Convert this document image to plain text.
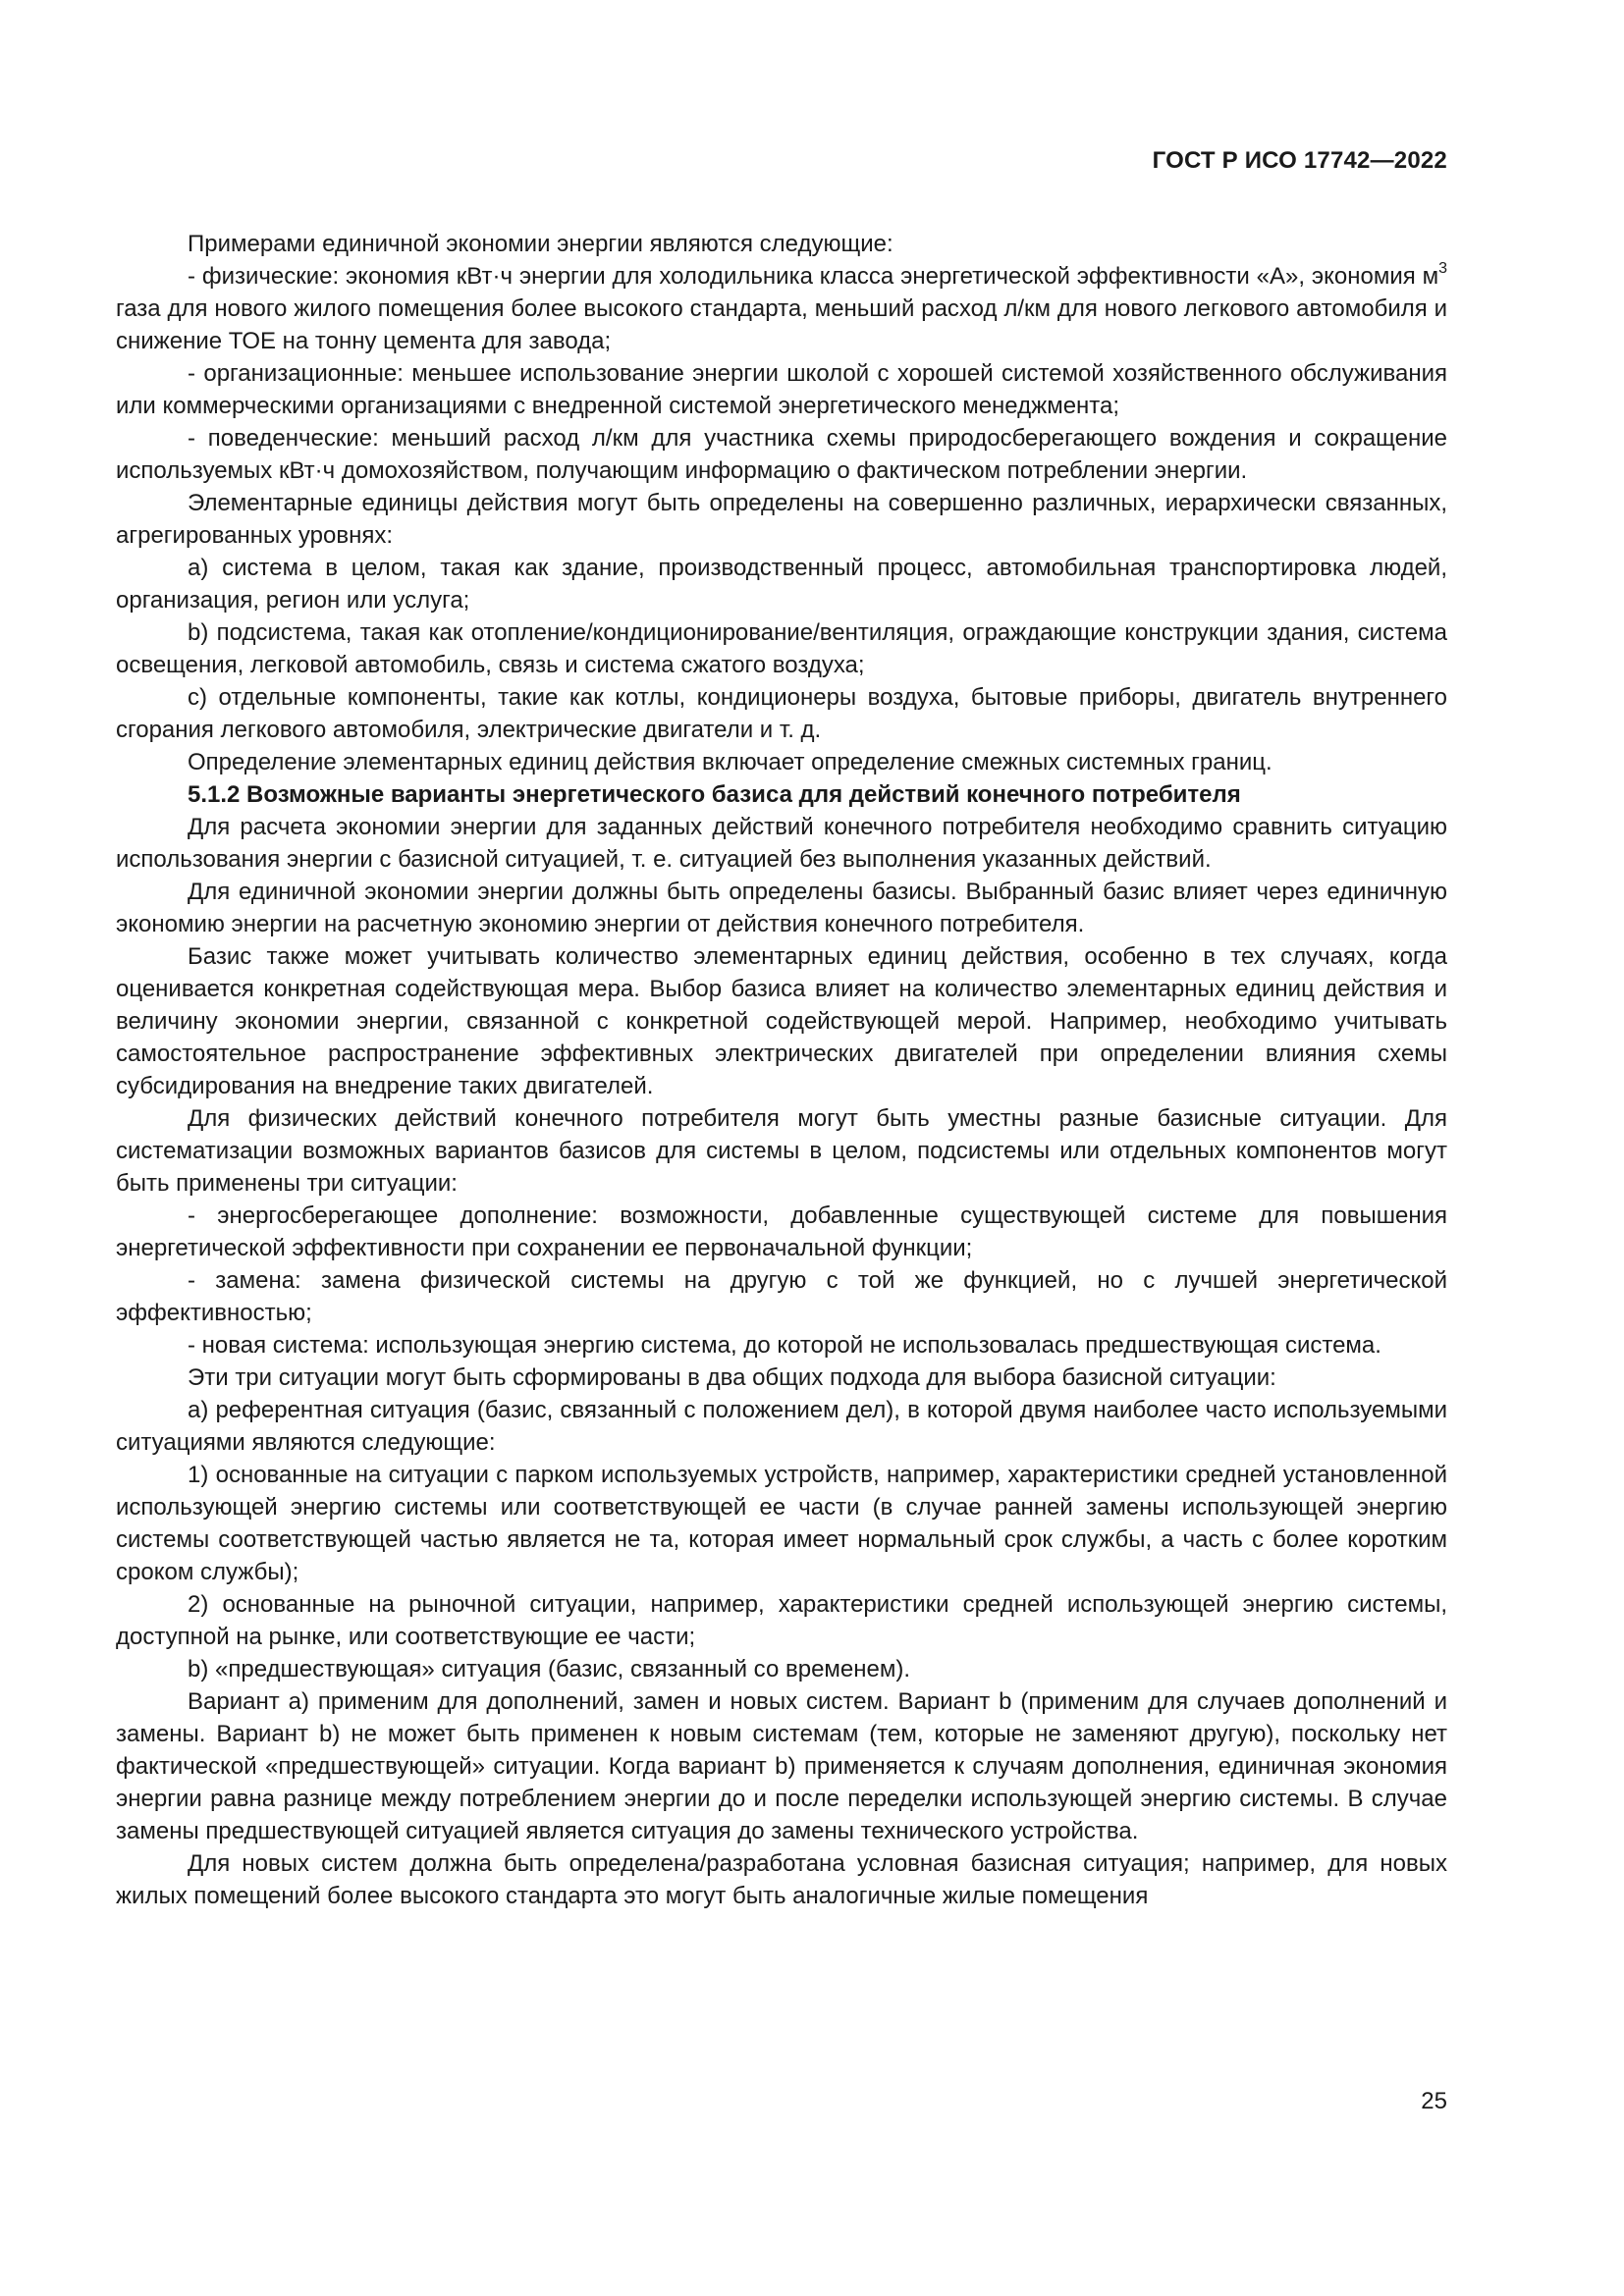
ГОСТ Р ИСО 17742—2022

Примерами единичной экономии энергии являются следующие:

- физические: экономия кВт·ч энергии для холодильника класса энергетической эффективности «А», экономия $м^3$ газа для нового жилого помещения более высокого стандарта, меньший расход л/км для нового легкового автомобиля и снижение ТОЕ на тонну цемента для завода;

- организационные: меньшее использование энергии школой с хорошей системой хозяйственного обслуживания или коммерческими организациями с внедренной системой энергетического менеджмента;

- поведенческие: меньший расход л/км для участника схемы природосберегающего вождения и сокращение используемых кВт·ч домохозяйством, получающим информацию о фактическом потреблении энергии.

Элементарные единицы действия могут быть определены на совершенно различных, иерархически связанных, агрегированных уровнях:

a) система в целом, такая как здание, производственный процесс, автомобильная транспортировка людей, организация, регион или услуга;

b) подсистема, такая как отопление/кондиционирование/вентиляция, ограждающие конструкции здания, система освещения, легковой автомобиль, связь и система сжатого воздуха;

c) отдельные компоненты, такие как котлы, кондиционеры воздуха, бытовые приборы, двигатель внутреннего сгорания легкового автомобиля, электрические двигатели и т. д.

Определение элементарных единиц действия включает определение смежных системных границ.

5.1.2 Возможные варианты энергетического базиса для действий конечного потребителя

Для расчета экономии энергии для заданных действий конечного потребителя необходимо сравнить ситуацию использования энергии с базисной ситуацией, т. е. ситуацией без выполнения указанных действий.

Для единичной экономии энергии должны быть определены базисы. Выбранный базис влияет через единичную экономию энергии на расчетную экономию энергии от действия конечного потребителя.

Базис также может учитывать количество элементарных единиц действия, особенно в тех случаях, когда оценивается конкретная содействующая мера. Выбор базиса влияет на количество элементарных единиц действия и величину экономии энергии, связанной с конкретной содействующей мерой. Например, необходимо учитывать самостоятельное распространение эффективных электрических двигателей при определении влияния схемы субсидирования на внедрение таких двигателей.

Для физических действий конечного потребителя могут быть уместны разные базисные ситуации. Для систематизации возможных вариантов базисов для системы в целом, подсистемы или отдельных компонентов могут быть применены три ситуации:

- энергосберегающее дополнение: возможности, добавленные существующей системе для повышения энергетической эффективности при сохранении ее первоначальной функции;

- замена: замена физической системы на другую с той же функцией, но с лучшей энергетической эффективностью;

- новая система: использующая энергию система, до которой не использовалась предшествующая система.

Эти три ситуации могут быть сформированы в два общих подхода для выбора базисной ситуации:

a) референтная ситуация (базис, связанный с положением дел), в которой двумя наиболее часто используемыми ситуациями являются следующие:

1) основанные на ситуации с парком используемых устройств, например, характеристики средней установленной использующей энергию системы или соответствующей ее части (в случае ранней замены использующей энергию системы соответствующей частью является не та, которая имеет нормальный срок службы, а часть с более коротким сроком службы);

2) основанные на рыночной ситуации, например, характеристики средней использующей энергию системы, доступной на рынке, или соответствующие ее части;

b) «предшествующая» ситуация (базис, связанный со временем).

Вариант a) применим для дополнений, замен и новых систем. Вариант b (применим для случаев дополнений и замены. Вариант b) не может быть применен к новым системам (тем, которые не заменяют другую), поскольку нет фактической «предшествующей» ситуации. Когда вариант b) применяется к случаям дополнения, единичная экономия энергии равна разнице между потреблением энергии до и после переделки использующей энергию системы. В случае замены предшествующей ситуацией является ситуация до замены технического устройства.

Для новых систем должна быть определена/разработана условная базисная ситуация; например, для новых жилых помещений более высокого стандарта это могут быть аналогичные жилые помещения

25
